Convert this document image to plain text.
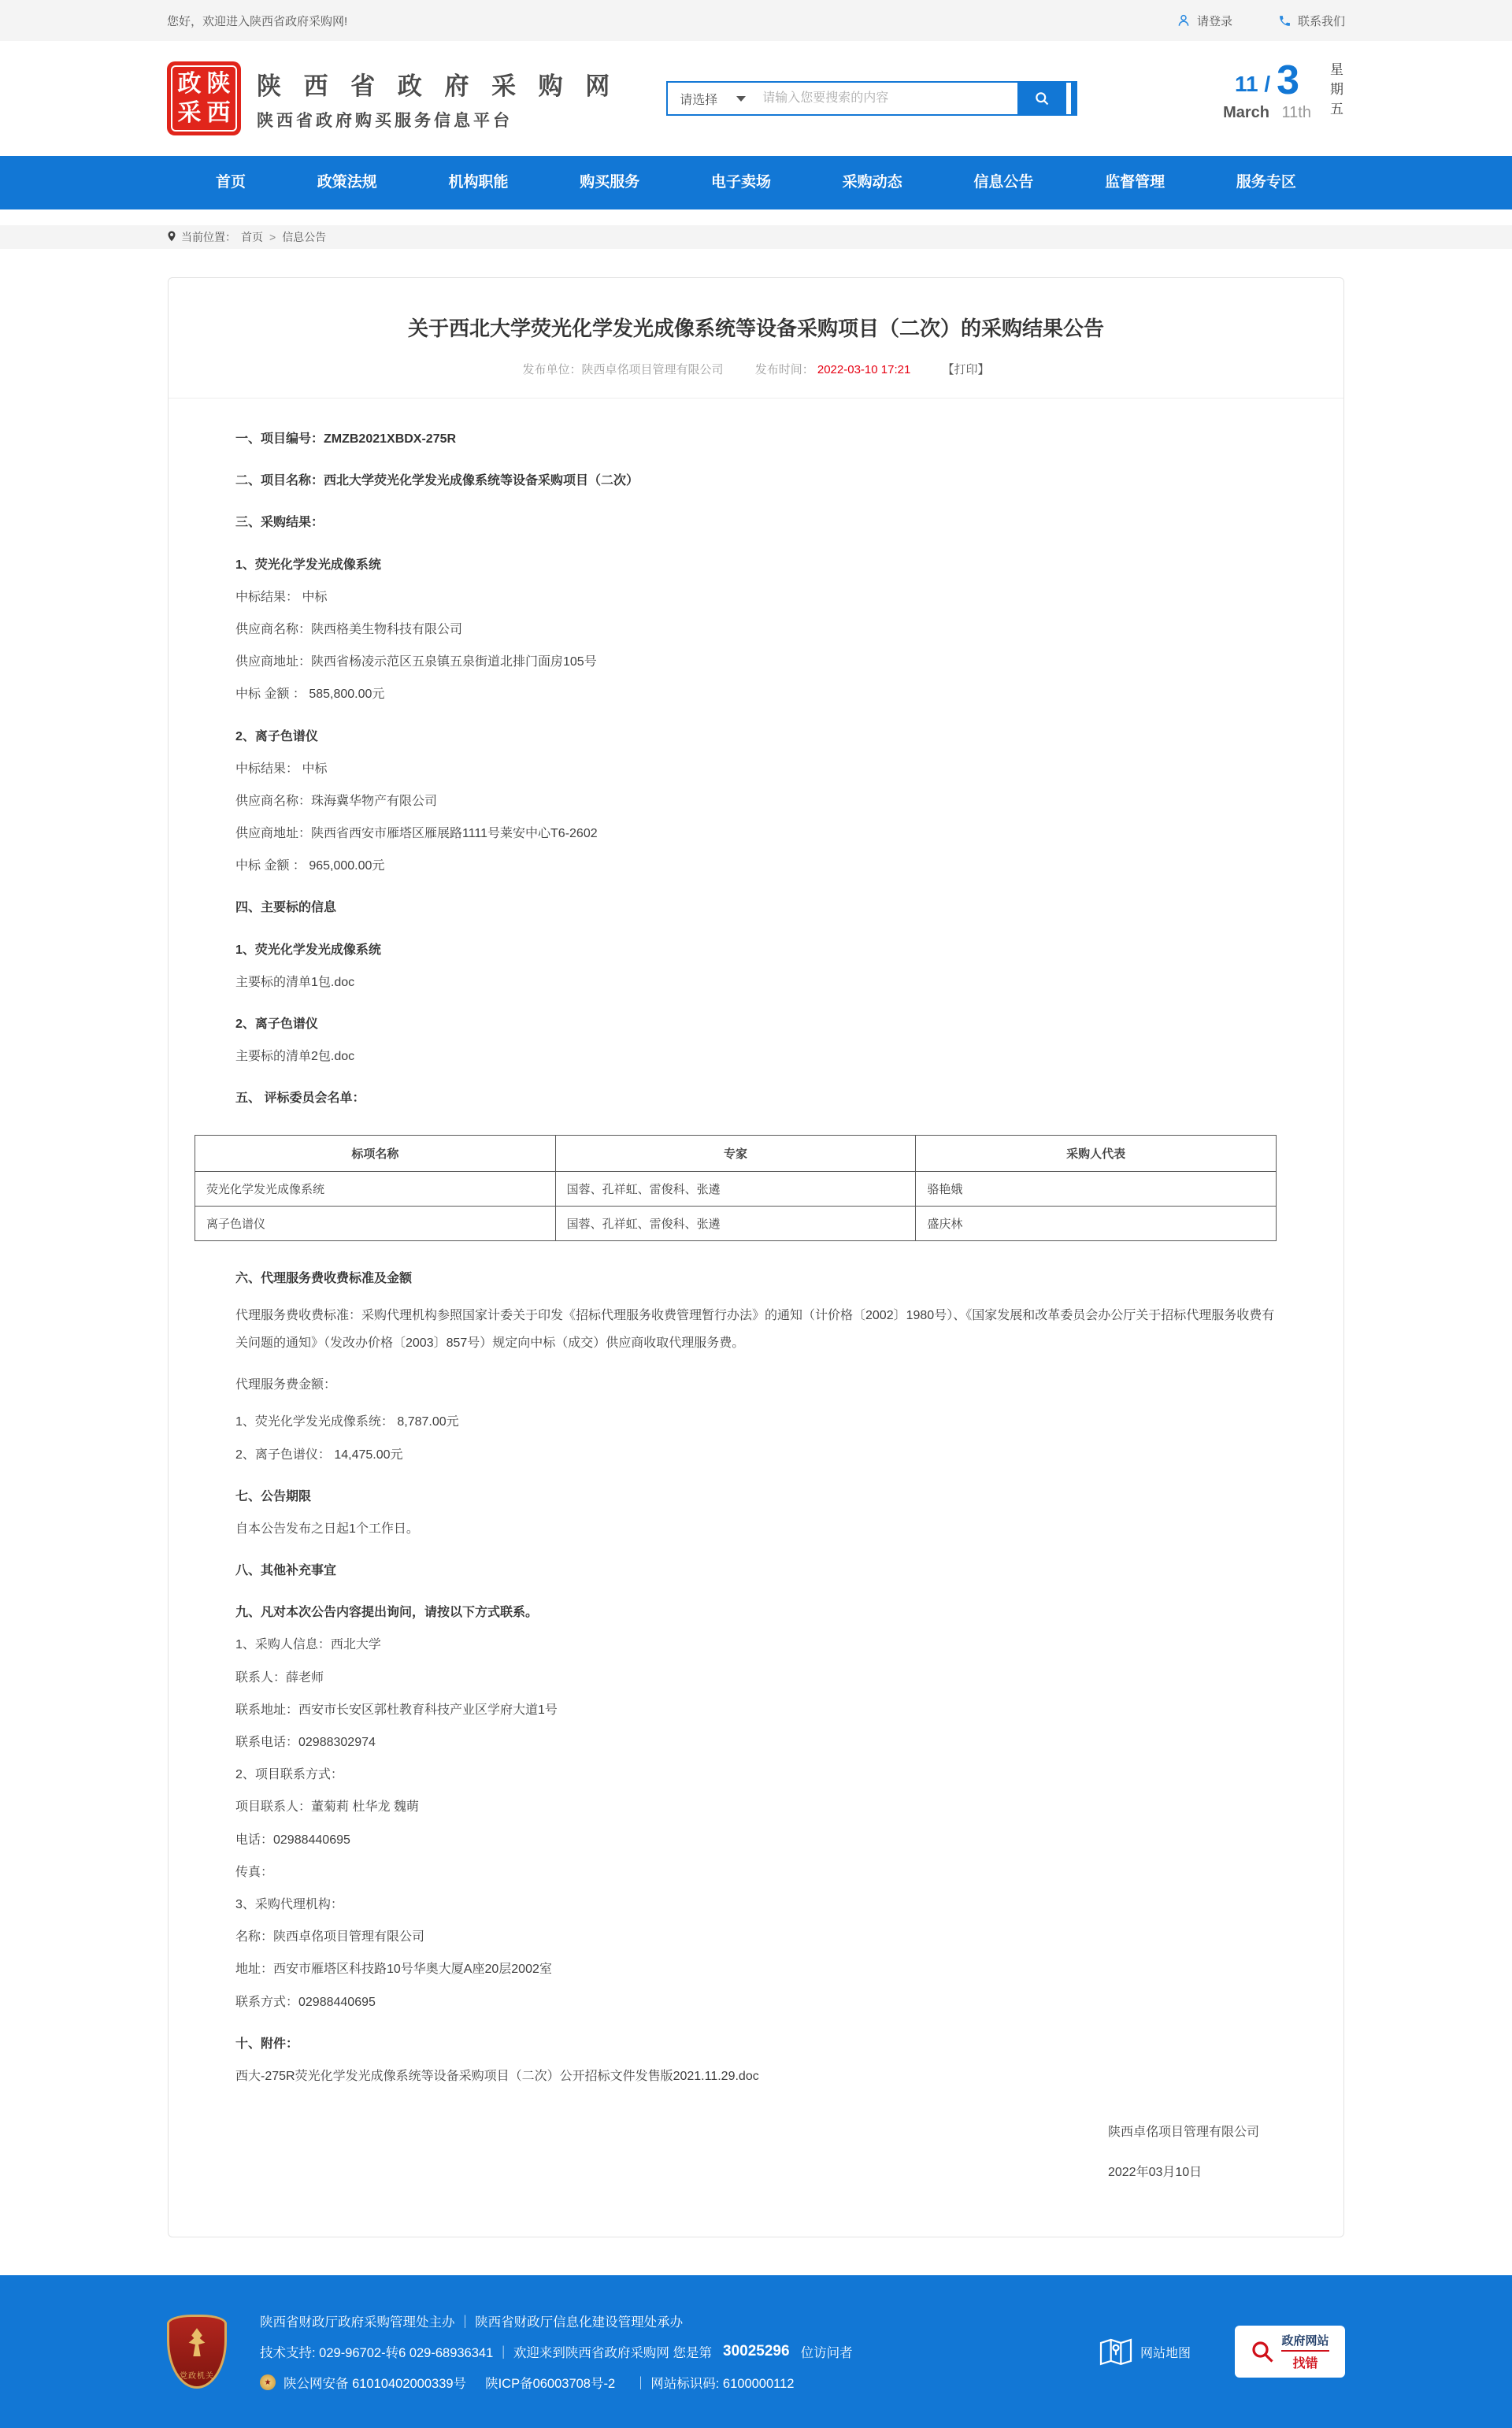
您好，欢迎进入陕西省政府采购网!	请登录	联系我们
政 陕
采 西
陕 西 省 政 府 采 购 网
陕西省政府购买服务信息平台
请选择
请输入您要搜索的内容
11 / 3
March 11th 星期五
首页	政策法规	机构职能	购买服务	电子卖场	采购动态	信息公告	监督管理	服务专区
当前位置： 首页 > 信息公告
关于西北大学荧光化学发光成像系统等设备采购项目（二次）的采购结果公告
发布单位：陕西卓佲项目管理有限公司	发布时间： 2022-03-10 17:21	【打印】
一、项目编号：ZMZB2021XBDX-275R
二、项目名称：西北大学荧光化学发光成像系统等设备采购项目（二次）
三、采购结果：
1、荧光化学发光成像系统
中标结果： 中标
供应商名称：陕西格美生物科技有限公司
供应商地址：陕西省杨凌示范区五泉镇五泉街道北排门面房105号
中标 金额 ： 585,800.00元
2、离子色谱仪
中标结果： 中标
供应商名称：珠海冀华物产有限公司
供应商地址：陕西省西安市雁塔区雁展路1111号莱安中心T6-2602
中标 金额 ： 965,000.00元
四、主要标的信息
1、荧光化学发光成像系统
主要标的清单1包.doc
2、离子色谱仪
主要标的清单2包.doc
五、 评标委员会名单：
标项名称	专家	采购人代表
荧光化学发光成像系统	国蓉、孔祥虹、雷俊科、张遴	骆艳娥
离子色谱仪	国蓉、孔祥虹、雷俊科、张遴	盛庆林
六、代理服务费收费标准及金额
代理服务费收费标准：采购代理机构参照国家计委关于印发《招标代理服务收费管理暂行办法》的通知（计价格〔2002〕1980号）、《国家发展和改革委员会办公厅关于招标代理服务收费有关问题的通知》（发改办价格〔2003〕857号）规定向中标（成交）供应商收取代理服务费。
代理服务费金额：
1、荧光化学发光成像系统： 8,787.00元
2、离子色谱仪： 14,475.00元
七、公告期限
自本公告发布之日起1个工作日。
八、其他补充事宜
九、凡对本次公告内容提出询问，请按以下方式联系。
1、采购人信息：西北大学
联系人：薛老师
联系地址：西安市长安区郭杜教育科技产业区学府大道1号
联系电话：02988302974
2、项目联系方式：
项目联系人：董菊莉 杜华龙 魏萌
电话：02988440695
传真：
3、采购代理机构：
名称：陕西卓佲项目管理有限公司
地址：西安市雁塔区科技路10号华奥大厦A座20层2002室
联系方式：02988440695
十、附件：
西大-275R荧光化学发光成像系统等设备采购项目（二次）公开招标文件发售版2021.11.29.doc
陕西卓佲项目管理有限公司
2022年03月10日
党政机关
陕西省财政厅政府采购管理处主办 ｜ 陕西省财政厅信息化建设管理处承办
技术支持: 029-96702-转6 029-68936341 ｜ 欢迎来到陕西省政府采购网 您是第 30025296 位访问者
★ 陕公网安备 61010402000339号 陕ICP备06003708号-2 ｜ 网站标识码: 6100000112
网站地图
政府网站
找错
